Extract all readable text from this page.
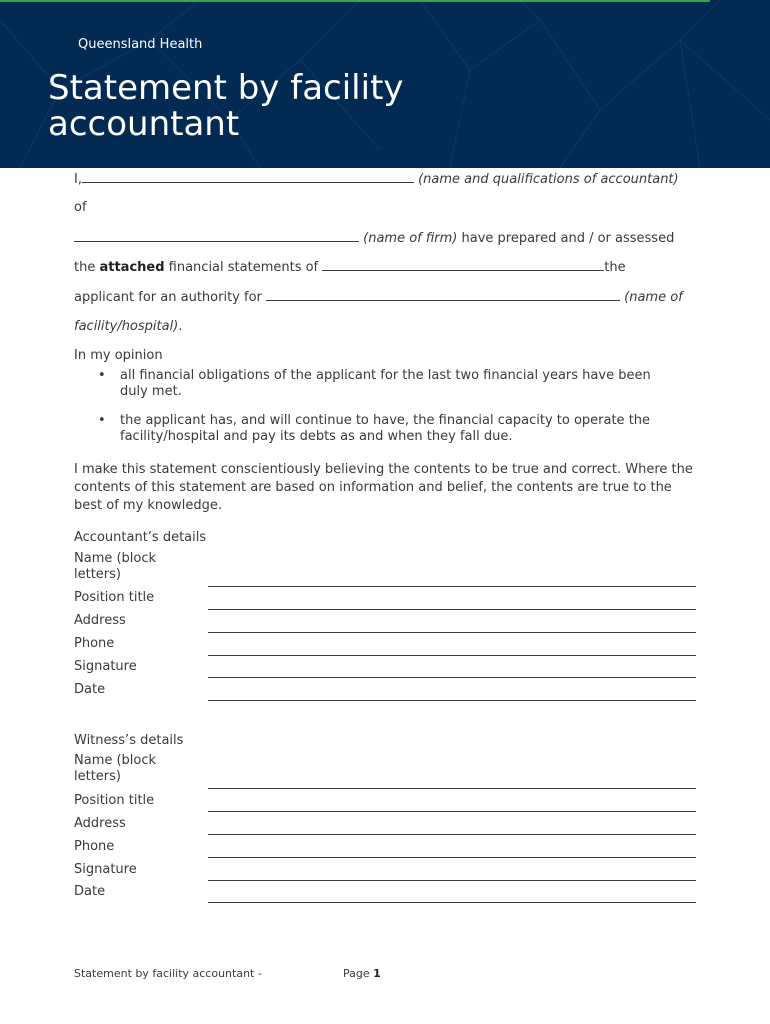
Queensland Health
Statement by facility accountant
I,	(name and qualifications of accountant)
of
(name of firm) have prepared and / or assessed
the attached financial statements of	the
applicant for an authority for	(name of
facility/hospital).
In my opinion
• all financial obligations of the applicant for the last two financial years have been duly met.
• the applicant has, and will continue to have, the financial capacity to operate the facility/hospital and pay its debts as and when they fall due.
I make this statement conscientiously believing the contents to be true and correct. Where the contents of this statement are based on information and belief, the contents are true to the best of my knowledge.
Accountant’s details
Name (block letters)
Position title
Address
Phone
Signature
Date
Witness’s details
Name (block letters)
Position title
Address
Phone
Signature
Date
Statement by facility accountant -	Page 1
